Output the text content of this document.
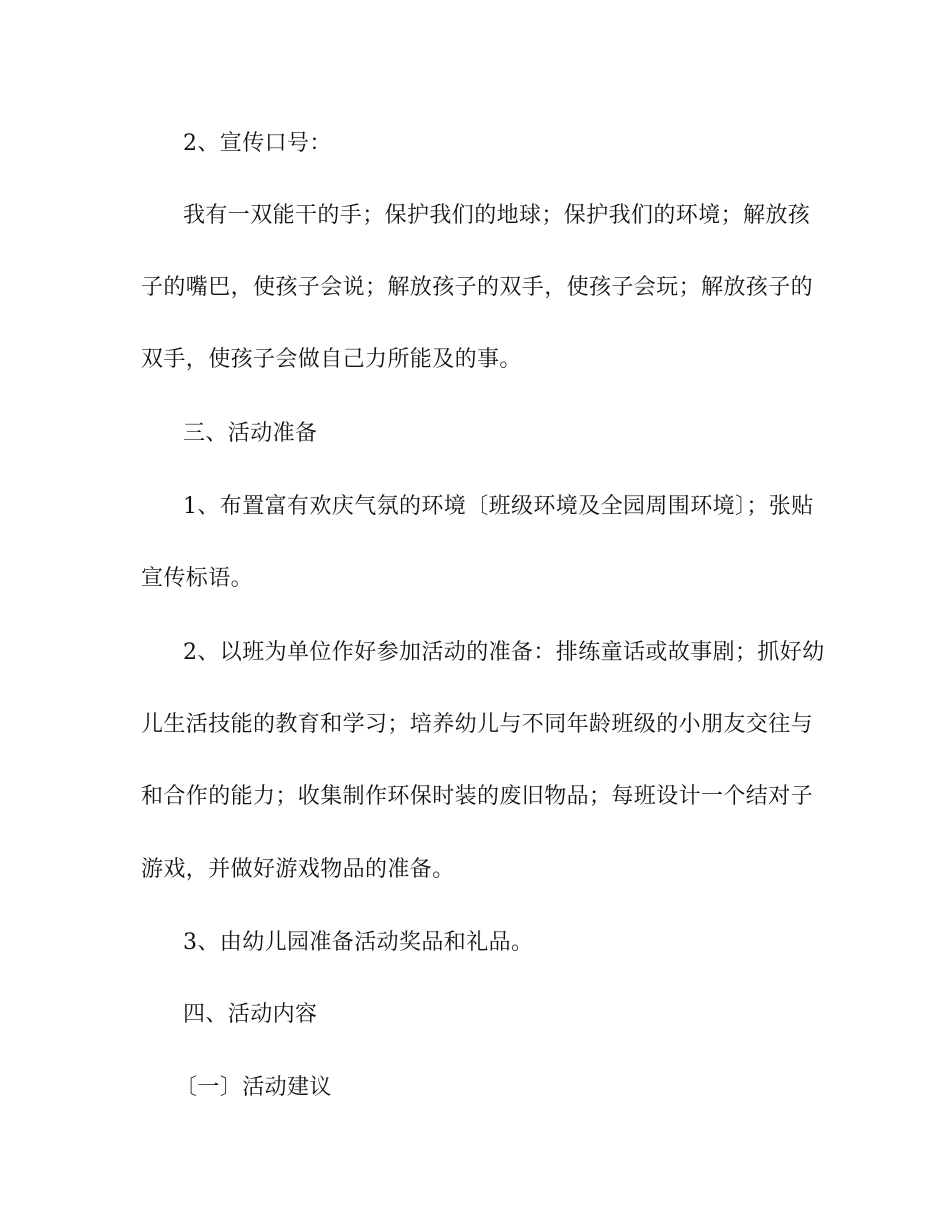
2、宣传口号：
我有一双能干的手；保护我们的地球；保护我们的环境；解放孩
子的嘴巴，使孩子会说；解放孩子的双手，使孩子会玩；解放孩子的
双手，使孩子会做自己力所能及的事。
三、活动准备
1、布置富有欢庆气氛的环境〔班级环境及全园周围环境〕；张贴
宣传标语。
2、以班为单位作好参加活动的准备：排练童话或故事剧；抓好幼
儿生活技能的教育和学习；培养幼儿与不同年龄班级的小朋友交往与
和合作的能力；收集制作环保时装的废旧物品；每班设计一个结对子
游戏，并做好游戏物品的准备。
3、由幼儿园准备活动奖品和礼品。
四、活动内容
〔一〕活动建议
